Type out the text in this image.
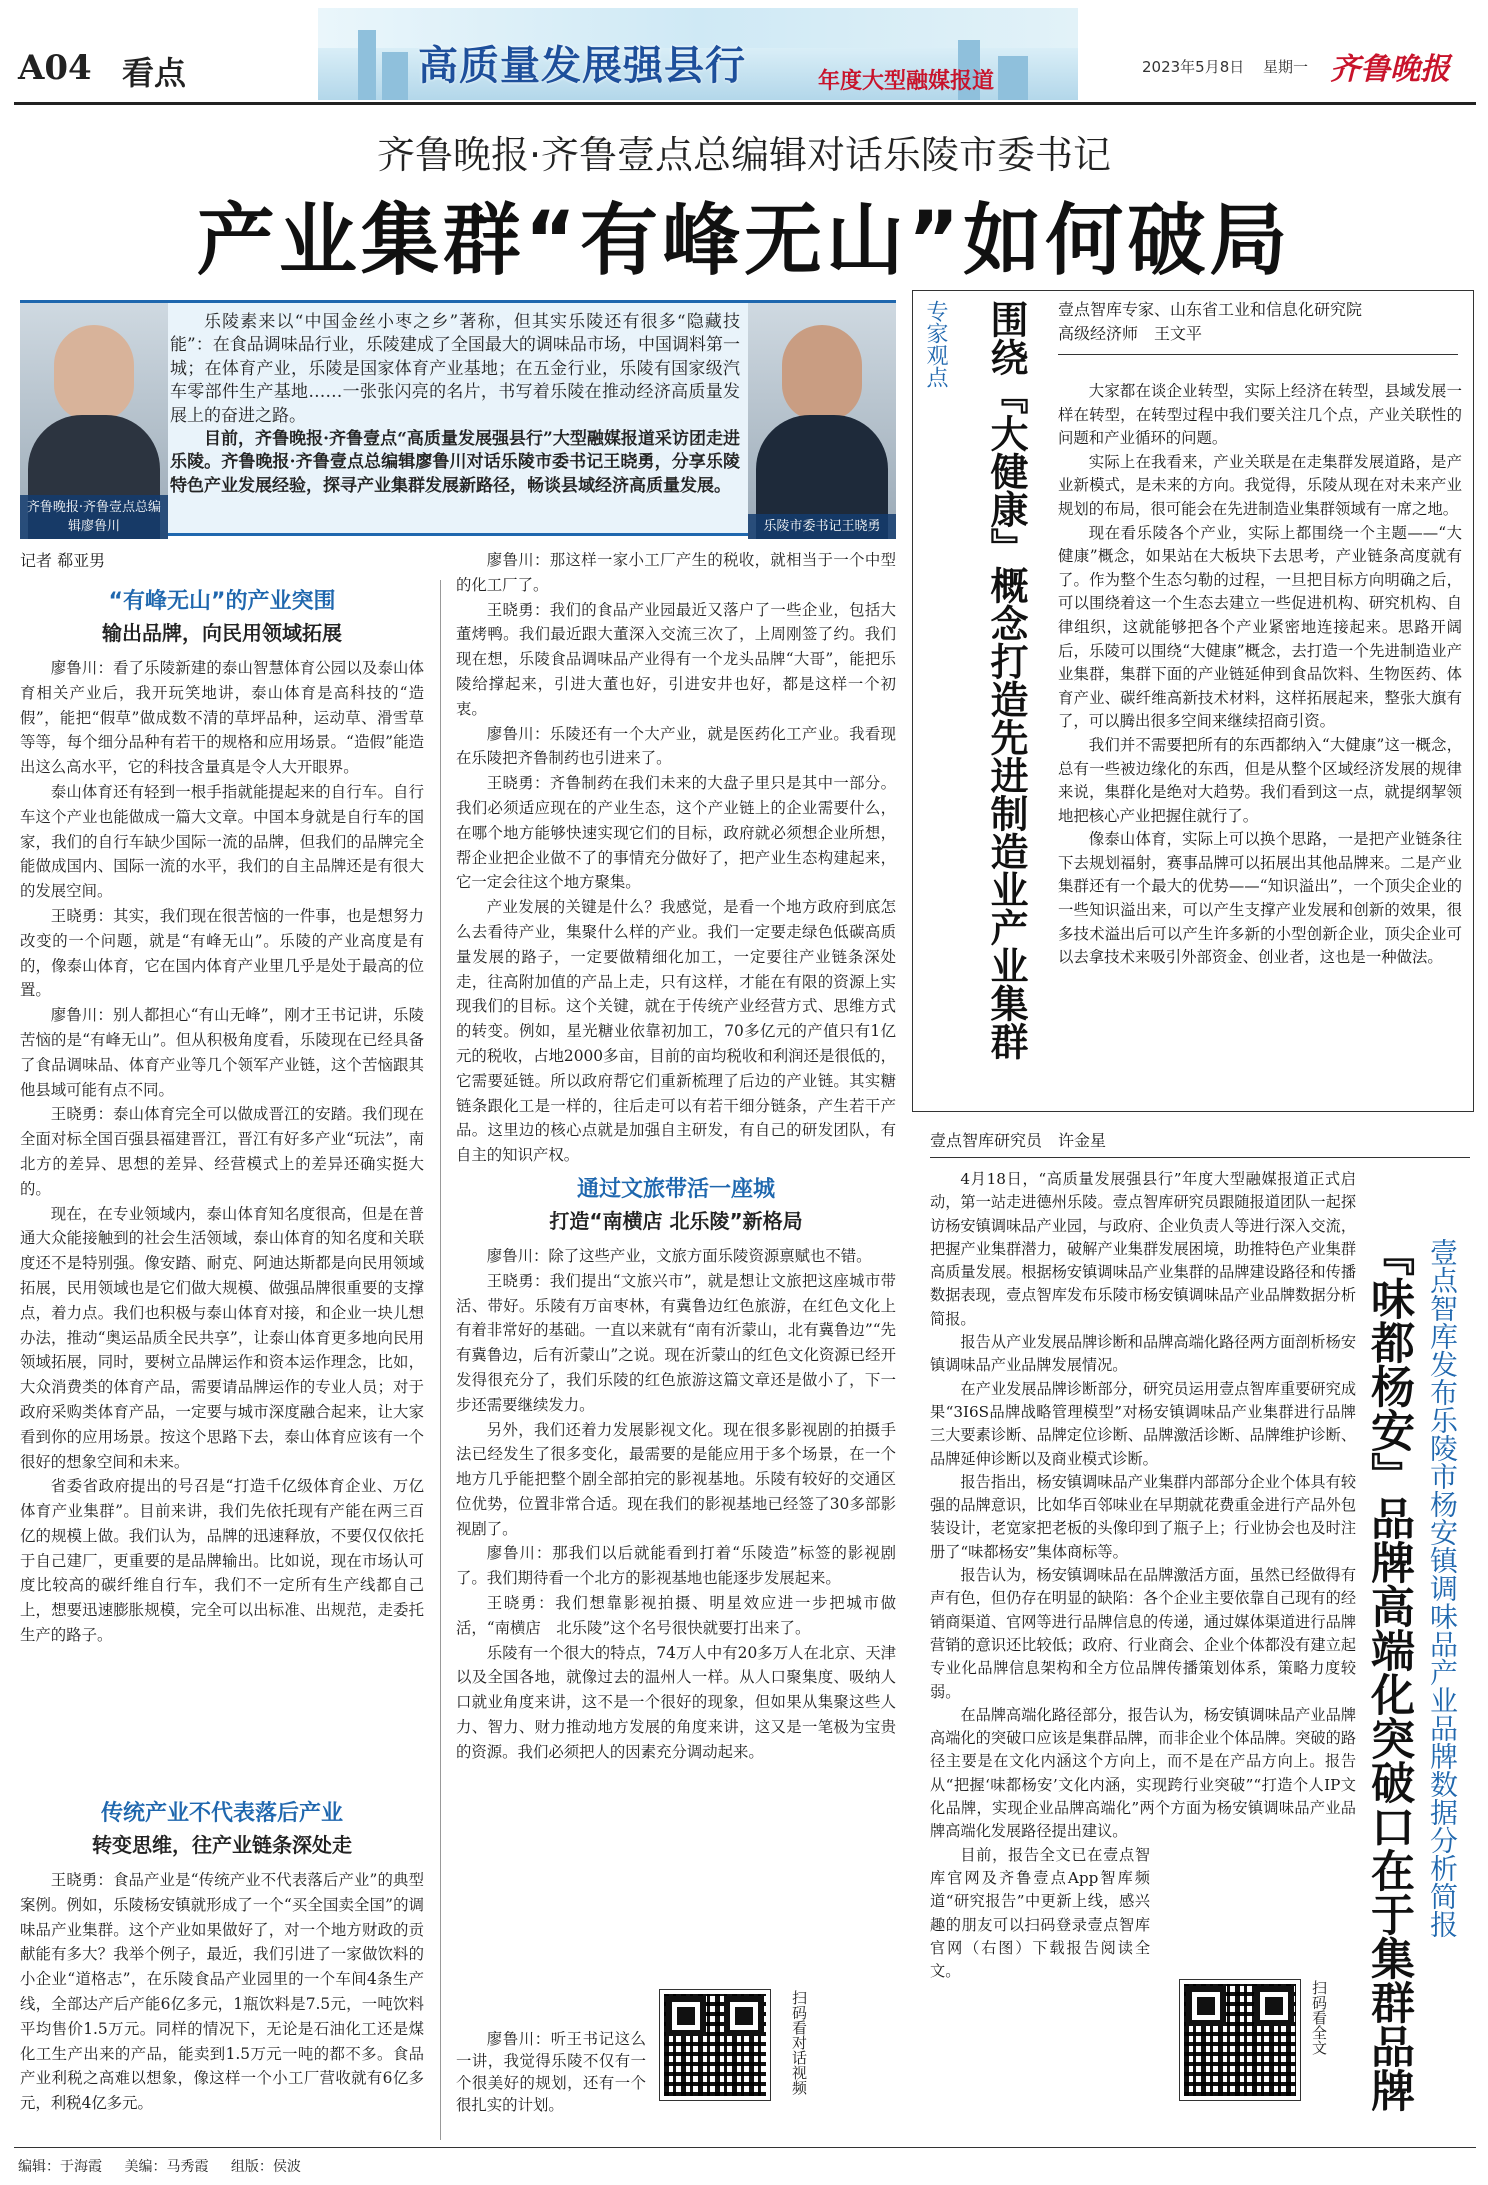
A04 看点	高质量发展强县行	年度大型融媒报道
2023年5月8日 星期一 齐鲁晚报
齐鲁晚报·齐鲁壹点总编辑对话乐陵市委书记
产业集群“有峰无山”如何破局
齐鲁晚报·齐鲁壹点总编辑廖鲁川

乐陵素来以“中国金丝小枣之乡”著称，但其实乐陵还有很多“隐藏技能”：在食品调味品行业，乐陵建成了全国最大的调味品市场，中国调料第一城；在体育产业，乐陵是国家体育产业基地；在五金行业，乐陵有国家级汽车零部件生产基地……一张张闪亮的名片，书写着乐陵在推动经济高质量发展上的奋进之路。

目前，齐鲁晚报·齐鲁壹点“高质量发展强县行”大型融媒报道采访团走进乐陵。齐鲁晚报·齐鲁壹点总编辑廖鲁川对话乐陵市委书记王晓勇，分享乐陵特色产业发展经验，探寻产业集群发展新路径，畅谈县域经济高质量发展。

乐陵市委书记王晓勇
记者 郗亚男
“有峰无山”的产业突围
输出品牌，向民用领域拓展

廖鲁川：看了乐陵新建的泰山智慧体育公园以及泰山体育相关产业后，我开玩笑地讲，泰山体育是高科技的“造假”，能把“假草”做成数不清的草坪品种，运动草、滑雪草等等，每个细分品种有若干的规格和应用场景。“造假”能造出这么高水平，它的科技含量真是令人大开眼界。

泰山体育还有轻到一根手指就能提起来的自行车。自行车这个产业也能做成一篇大文章。中国本身就是自行车的国家，我们的自行车缺少国际一流的品牌，但我们的品牌完全能做成国内、国际一流的水平，我们的自主品牌还是有很大的发展空间。

王晓勇：其实，我们现在很苦恼的一件事，也是想努力改变的一个问题，就是“有峰无山”。乐陵的产业高度是有的，像泰山体育，它在国内体育产业里几乎是处于最高的位置。

廖鲁川：别人都担心“有山无峰”，刚才王书记讲，乐陵苦恼的是“有峰无山”。但从积极角度看，乐陵现在已经具备了食品调味品、体育产业等几个领军产业链，这个苦恼跟其他县域可能有点不同。

王晓勇：泰山体育完全可以做成晋江的安踏。我们现在全面对标全国百强县福建晋江，晋江有好多产业“玩法”，南北方的差异、思想的差异、经营模式上的差异还确实挺大的。

现在，在专业领域内，泰山体育知名度很高，但是在普通大众能接触到的社会生活领域，泰山体育的知名度和关联度还不是特别强。像安踏、耐克、阿迪达斯都是向民用领域拓展，民用领域也是它们做大规模、做强品牌很重要的支撑点，着力点。我们也积极与泰山体育对接，和企业一块儿想办法，推动“奥运品质全民共享”，让泰山体育更多地向民用领域拓展，同时，要树立品牌运作和资本运作理念，比如，大众消费类的体育产品，需要请品牌运作的专业人员；对于政府采购类体育产品，一定要与城市深度融合起来，让大家看到你的应用场景。按这个思路下去，泰山体育应该有一个很好的想象空间和未来。

省委省政府提出的号召是“打造千亿级体育企业、万亿体育产业集群”。目前来讲，我们先依托现有产能在两三百亿的规模上做。我们认为，品牌的迅速释放，不要仅仅依托于自己建厂，更重要的是品牌输出。比如说，现在市场认可度比较高的碳纤维自行车，我们不一定所有生产线都自己上，想要迅速膨胀规模，完全可以出标准、出规范，走委托生产的路子。

传统产业不代表落后产业
转变思维，往产业链条深处走

王晓勇：食品产业是“传统产业不代表落后产业”的典型案例。例如，乐陵杨安镇就形成了一个“买全国卖全国”的调味品产业集群。这个产业如果做好了，对一个地方财政的贡献能有多大？我举个例子，最近，我们引进了一家做饮料的小企业“道格志”，在乐陵食品产业园里的一个车间4条生产线，全部达产后产能6亿多元，1瓶饮料是7.5元，一吨饮料平均售价1.5万元。同样的情况下，无论是石油化工还是煤化工生产出来的产品，能卖到1.5万元一吨的都不多。食品产业利税之高难以想象，像这样一个小工厂营收就有6亿多元，利税4亿多元。

廖鲁川：那这样一家小工厂产生的税收，就相当于一个中型的化工厂了。

王晓勇：我们的食品产业园最近又落户了一些企业，包括大董烤鸭。我们最近跟大董深入交流三次了，上周刚签了约。我们现在想，乐陵食品调味品产业得有一个龙头品牌“大哥”，能把乐陵给撑起来，引进大董也好，引进安井也好，都是这样一个初衷。

廖鲁川：乐陵还有一个大产业，就是医药化工产业。我看现在乐陵把齐鲁制药也引进来了。

王晓勇：齐鲁制药在我们未来的大盘子里只是其中一部分。我们必须适应现在的产业生态，这个产业链上的企业需要什么，在哪个地方能够快速实现它们的目标，政府就必须想企业所想，帮企业把企业做不了的事情充分做好了，把产业生态构建起来，它一定会往这个地方聚集。

产业发展的关键是什么？我感觉，是看一个地方政府到底怎么去看待产业，集聚什么样的产业。我们一定要走绿色低碳高质量发展的路子，一定要做精细化加工，一定要往产业链条深处走，往高附加值的产品上走，只有这样，才能在有限的资源上实现我们的目标。这个关键，就在于传统产业经营方式、思维方式的转变。例如，星光糖业依靠初加工，70多亿元的产值只有1亿元的税收，占地2000多亩，目前的亩均税收和利润还是很低的，它需要延链。所以政府帮它们重新梳理了后边的产业链。其实糖链条跟化工是一样的，往后走可以有若干细分链条，产生若干产品。这里边的核心点就是加强自主研发，有自己的研发团队，有自主的知识产权。

通过文旅带活一座城
打造“南横店 北乐陵”新格局

廖鲁川：除了这些产业，文旅方面乐陵资源禀赋也不错。

王晓勇：我们提出“文旅兴市”，就是想让文旅把这座城市带活、带好。乐陵有万亩枣林，有冀鲁边红色旅游，在红色文化上有着非常好的基础。一直以来就有“南有沂蒙山，北有冀鲁边”“先有冀鲁边，后有沂蒙山”之说。现在沂蒙山的红色文化资源已经开发得很充分了，我们乐陵的红色旅游这篇文章还是做小了，下一步还需要继续发力。

另外，我们还着力发展影视文化。现在很多影视剧的拍摄手法已经发生了很多变化，最需要的是能应用于多个场景，在一个地方几乎能把整个剧全部拍完的影视基地。乐陵有较好的交通区位优势，位置非常合适。现在我们的影视基地已经签了30多部影视剧了。

廖鲁川：那我们以后就能看到打着“乐陵造”标签的影视剧了。我们期待看一个北方的影视基地也能逐步发展起来。

王晓勇：我们想靠影视拍摄、明星效应进一步把城市做活，“南横店　北乐陵”这个名号很快就要打出来了。

乐陵有一个很大的特点，74万人中有20多万人在北京、天津以及全国各地，就像过去的温州人一样。从人口聚集度、吸纳人口就业角度来讲，这不是一个很好的现象，但如果从集聚这些人力、智力、财力推动地方发展的角度来讲，这又是一笔极为宝贵的资源。我们必须把人的因素充分调动起来。

廖鲁川：听王书记这么一讲，我觉得乐陵不仅有一个很美好的规划，还有一个很扎实的计划。

扫码看对话视频
专家观点 围绕『大健康』概念打造先进制造业产业集群 壹点智库专家、山东省工业和信息化研究院
高级经济师　王文平

大家都在谈企业转型，实际上经济在转型，县域发展一样在转型，在转型过程中我们要关注几个点，产业关联性的问题和产业循环的问题。

实际上在我看来，产业关联是在走集群发展道路，是产业新模式，是未来的方向。我觉得，乐陵从现在对未来产业规划的布局，很可能会在先进制造业集群领域有一席之地。

现在看乐陵各个产业，实际上都围绕一个主题——“大健康”概念，如果站在大板块下去思考，产业链条高度就有了。作为整个生态匀勒的过程，一旦把目标方向明确之后，可以围绕着这一个生态去建立一些促进机构、研究机构、自律组织，这就能够把各个产业紧密地连接起来。思路开阔后，乐陵可以围绕“大健康”概念，去打造一个先进制造业产业集群，集群下面的产业链延伸到食品饮料、生物医药、体育产业、碳纤维高新技术材料，这样拓展起来，整张大旗有了，可以腾出很多空间来继续招商引资。

我们并不需要把所有的东西都纳入“大健康”这一概念，总有一些被边缘化的东西，但是从整个区域经济发展的规律来说，集群化是绝对大趋势。我们看到这一点，就提纲挈领地把核心产业把握住就行了。

像泰山体育，实际上可以换个思路，一是把产业链条往下去规划福射，赛事品牌可以拓展出其他品牌来。二是产业集群还有一个最大的优势——“知识溢出”，一个顶尖企业的一些知识溢出来，可以产生支撑产业发展和创新的效果，很多技术溢出后可以产生许多新的小型创新企业，顶尖企业可以去拿技术来吸引外部资金、创业者，这也是一种做法。

壹点智库研究员　许金星

4月18日，“高质量发展强县行”年度大型融媒报道正式启动，第一站走进德州乐陵。壹点智库研究员跟随报道团队一起探访杨安镇调味品产业园，与政府、企业负责人等进行深入交流，把握产业集群潜力，破解产业集群发展困境，助推特色产业集群高质量发展。根据杨安镇调味品产业集群的品牌建设路径和传播数据表现，壹点智库发布乐陵市杨安镇调味品产业品牌数据分析简报。

报告从产业发展品牌诊断和品牌高端化路径两方面剖析杨安镇调味品产业品牌发展情况。

在产业发展品牌诊断部分，研究员运用壹点智库重要研究成果“3I6S品牌战略管理模型”对杨安镇调味品产业集群进行品牌三大要素诊断、品牌定位诊断、品牌激活诊断、品牌维护诊断、品牌延伸诊断以及商业模式诊断。

报告指出，杨安镇调味品产业集群内部部分企业个体具有较强的品牌意识，比如华百邻味业在早期就花费重金进行产品外包装设计，老宽家把老板的头像印到了瓶子上；行业协会也及时注册了“味都杨安”集体商标等。

报告认为，杨安镇调味品在品牌激活方面，虽然已经做得有声有色，但仍存在明显的缺陷：各个企业主要依靠自己现有的经销商渠道、官网等进行品牌信息的传递，通过媒体渠道进行品牌营销的意识还比较低；政府、行业商会、企业个体都没有建立起专业化品牌信息架构和全方位品牌传播策划体系，策略力度较弱。

在品牌高端化路径部分，报告认为，杨安镇调味品产业品牌高端化的突破口应该是集群品牌，而非企业个体品牌。突破的路径主要是在文化内涵这个方向上，而不是在产品方向上。报告从“把握‘味都杨安’文化内涵，实现跨行业突破”“打造个人IP文化品牌，实现企业品牌高端化”两个方面为杨安镇调味品产业品牌高端化发展路径提出建议。

目前，报告全文已在壹点智库官网及齐鲁壹点App智库频道“研究报告”中更新上线，感兴趣的朋友可以扫码登录壹点智库官网（右图）下载报告阅读全文。

扫码看全文 『味都杨安』品牌高端化突破口在于集群品牌 壹点智库发布乐陵市杨安镇调味品产业品牌数据分析简报
编辑：于海霞 美编：马秀霞 组版：侯波
